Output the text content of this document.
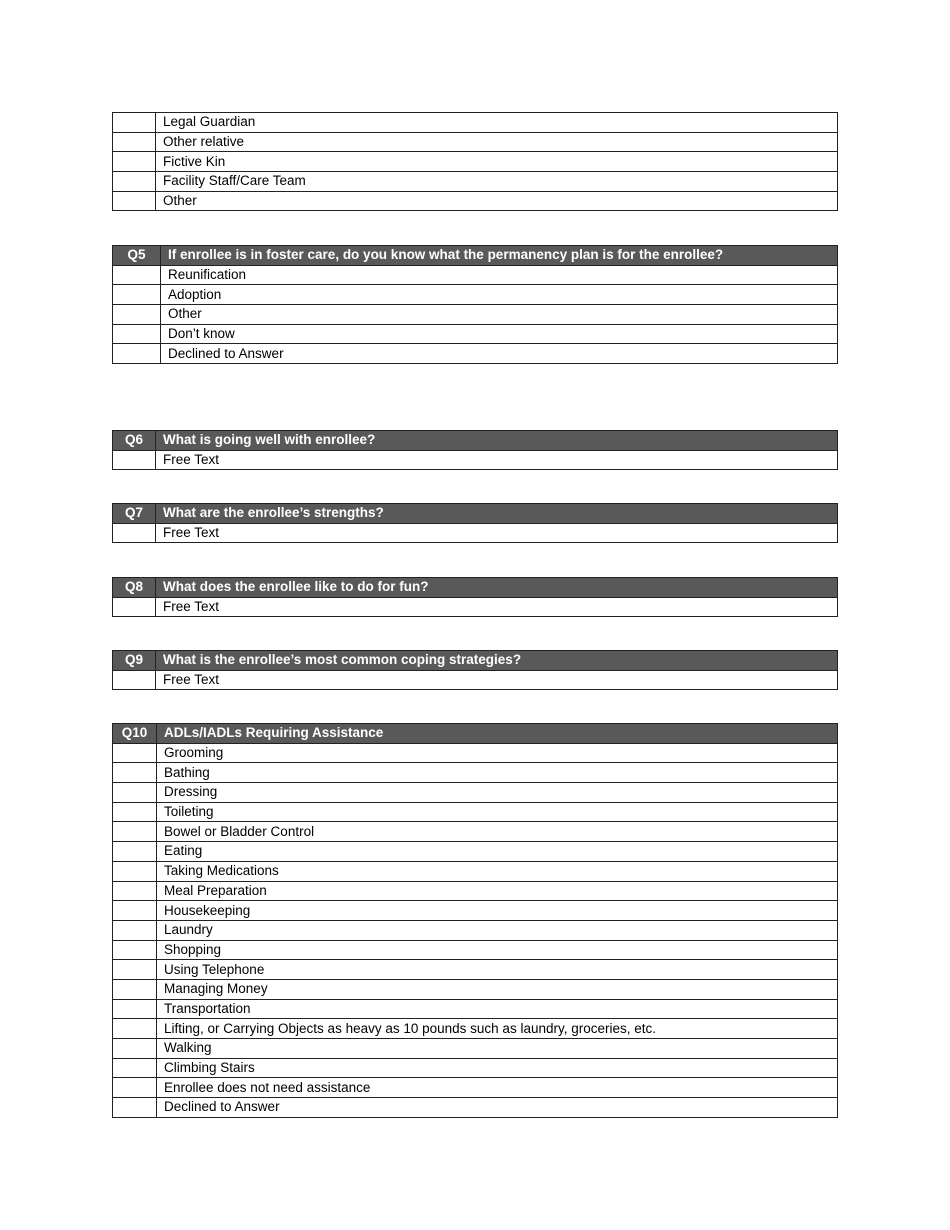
	Legal Guardian
	Other relative
	Fictive Kin
	Facility Staff/Care Team
	Other
Q5	If enrollee is in foster care, do you know what the permanency plan is for the enrollee?
	Reunification
	Adoption
	Other
	Don’t know
	Declined to Answer
Q6	What is going well with enrollee?
	Free Text
Q7	What are the enrollee’s strengths?
	Free Text
Q8	What does the enrollee like to do for fun?
	Free Text
Q9	What is the enrollee’s most common coping strategies?
	Free Text
Q10	ADLs/IADLs Requiring Assistance
	Grooming
	Bathing
	Dressing
	Toileting
	Bowel or Bladder Control
	Eating
	Taking Medications
	Meal Preparation
	Housekeeping
	Laundry
	Shopping
	Using Telephone
	Managing Money
	Transportation
	Lifting, or Carrying Objects as heavy as 10 pounds such as laundry, groceries, etc.
	Walking
	Climbing Stairs
	Enrollee does not need assistance
	Declined to Answer
